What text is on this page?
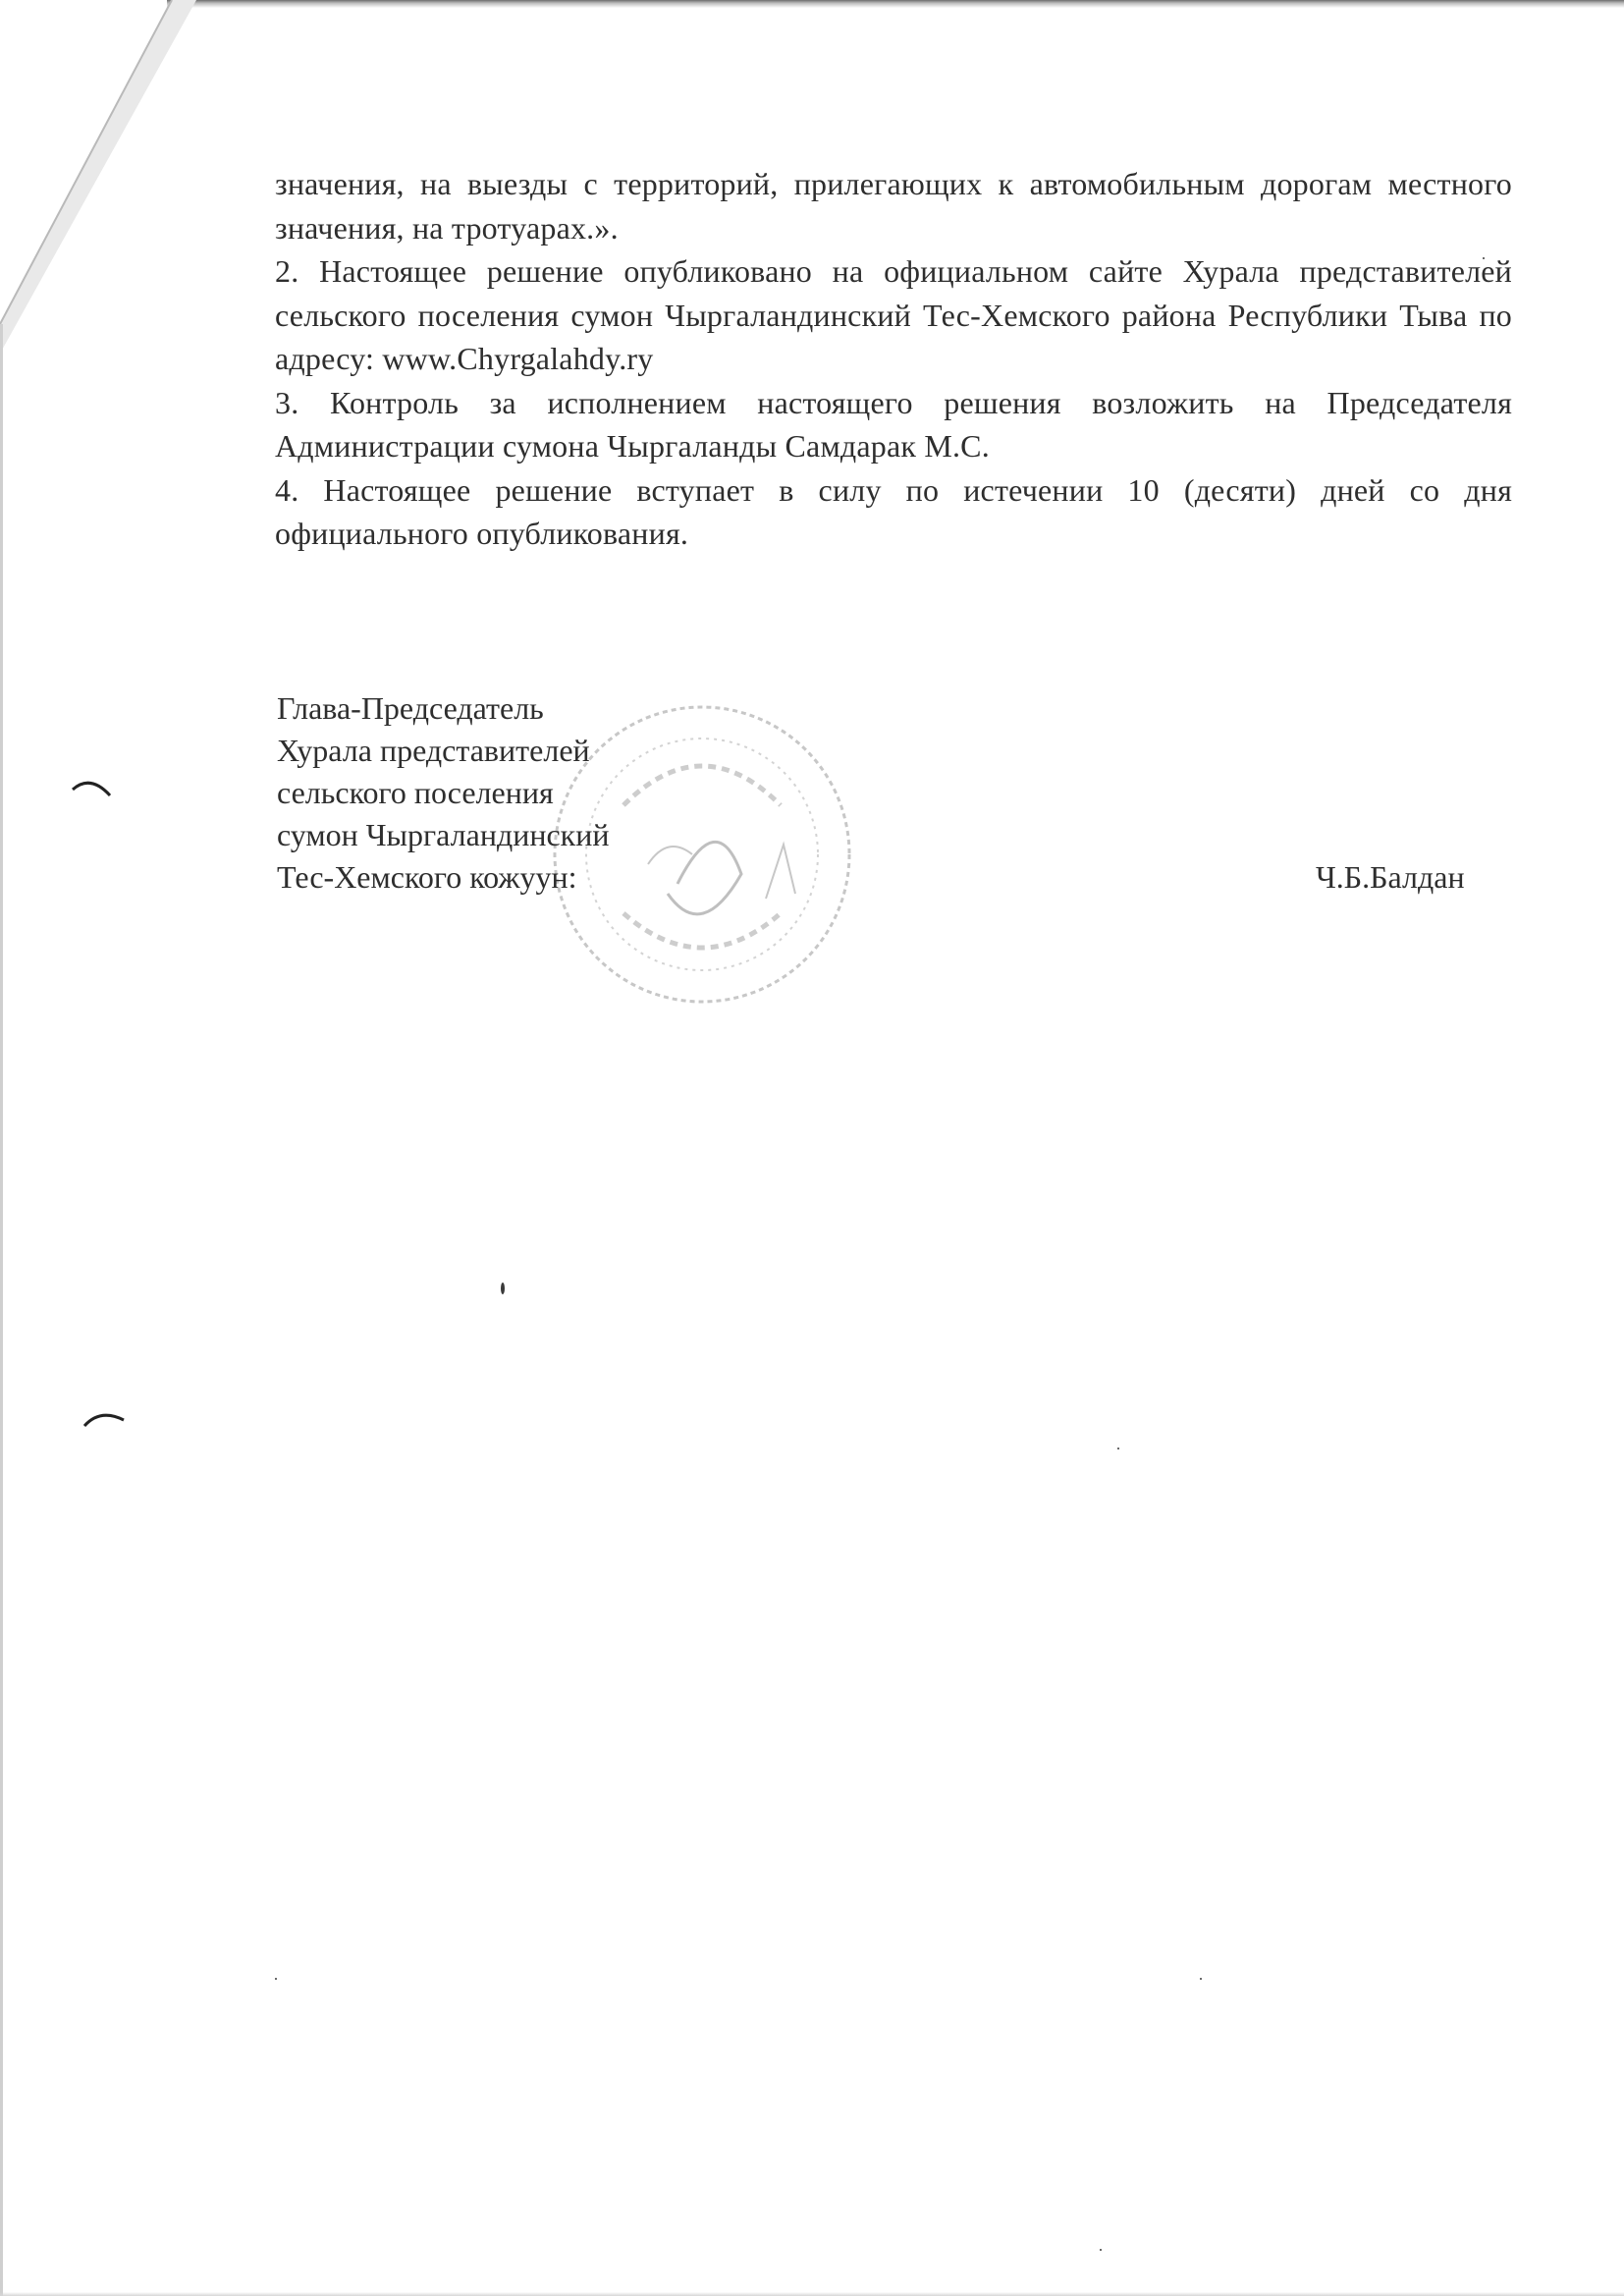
значения, на выезды с территорий, прилегающих к автомобильным дорогам местного значения, на тротуарах.».

2. Настоящее решение опубликовано на официальном сайте Хурала представителей сельского поселения сумон Чыргаландинский Тес-Хемского района Республики Тыва по адресу: www.Chyrgalahdy.ry

3. Контроль за исполнением настоящего решения возложить на Председателя Администрации сумона Чыргаланды Самдарак М.С.

4. Настоящее решение вступает в силу по истечении 10 (десяти) дней со дня официального опубликования.

Глава-Председатель
Хурала представителей
сельского поселения
сумон Чыргаландинский
Тес-Хемского кожуун:	Ч.Б.Балдан
